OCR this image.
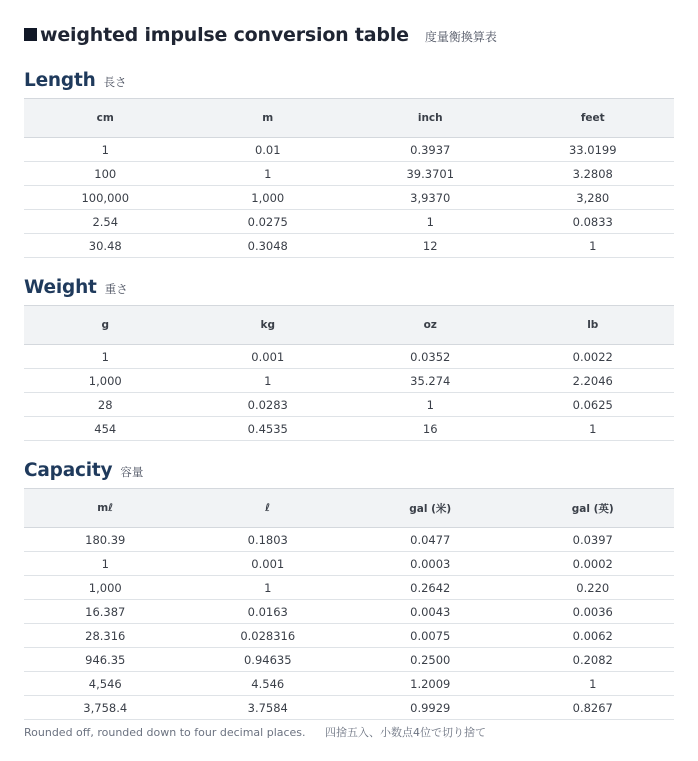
weighted impulse conversion table 度量衡換算表
Length 長さ
cm	m	inch	feet
1	0.01	0.3937	33.0199
100	1	39.3701	3.2808
100,000	1,000	3,9370	3,280
2.54	0.0275	1	0.0833
30.48	0.3048	12	1
Weight 重さ
g	kg	oz	lb
1	0.001	0.0352	0.0022
1,000	1	35.274	2.2046
28	0.0283	1	0.0625
454	0.4535	16	1
Capacity 容量
mℓ	ℓ	gal (米)	gal (英)
180.39	0.1803	0.0477	0.0397
1	0.001	0.0003	0.0002
1,000	1	0.2642	0.220
16.387	0.0163	0.0043	0.0036
28.316	0.028316	0.0075	0.0062
946.35	0.94635	0.2500	0.2082
4,546	4.546	1.2009	1
3,758.4	3.7584	0.9929	0.8267
Rounded off, rounded down to four decimal places. 四捨五入、小数点4位で切り捨て
